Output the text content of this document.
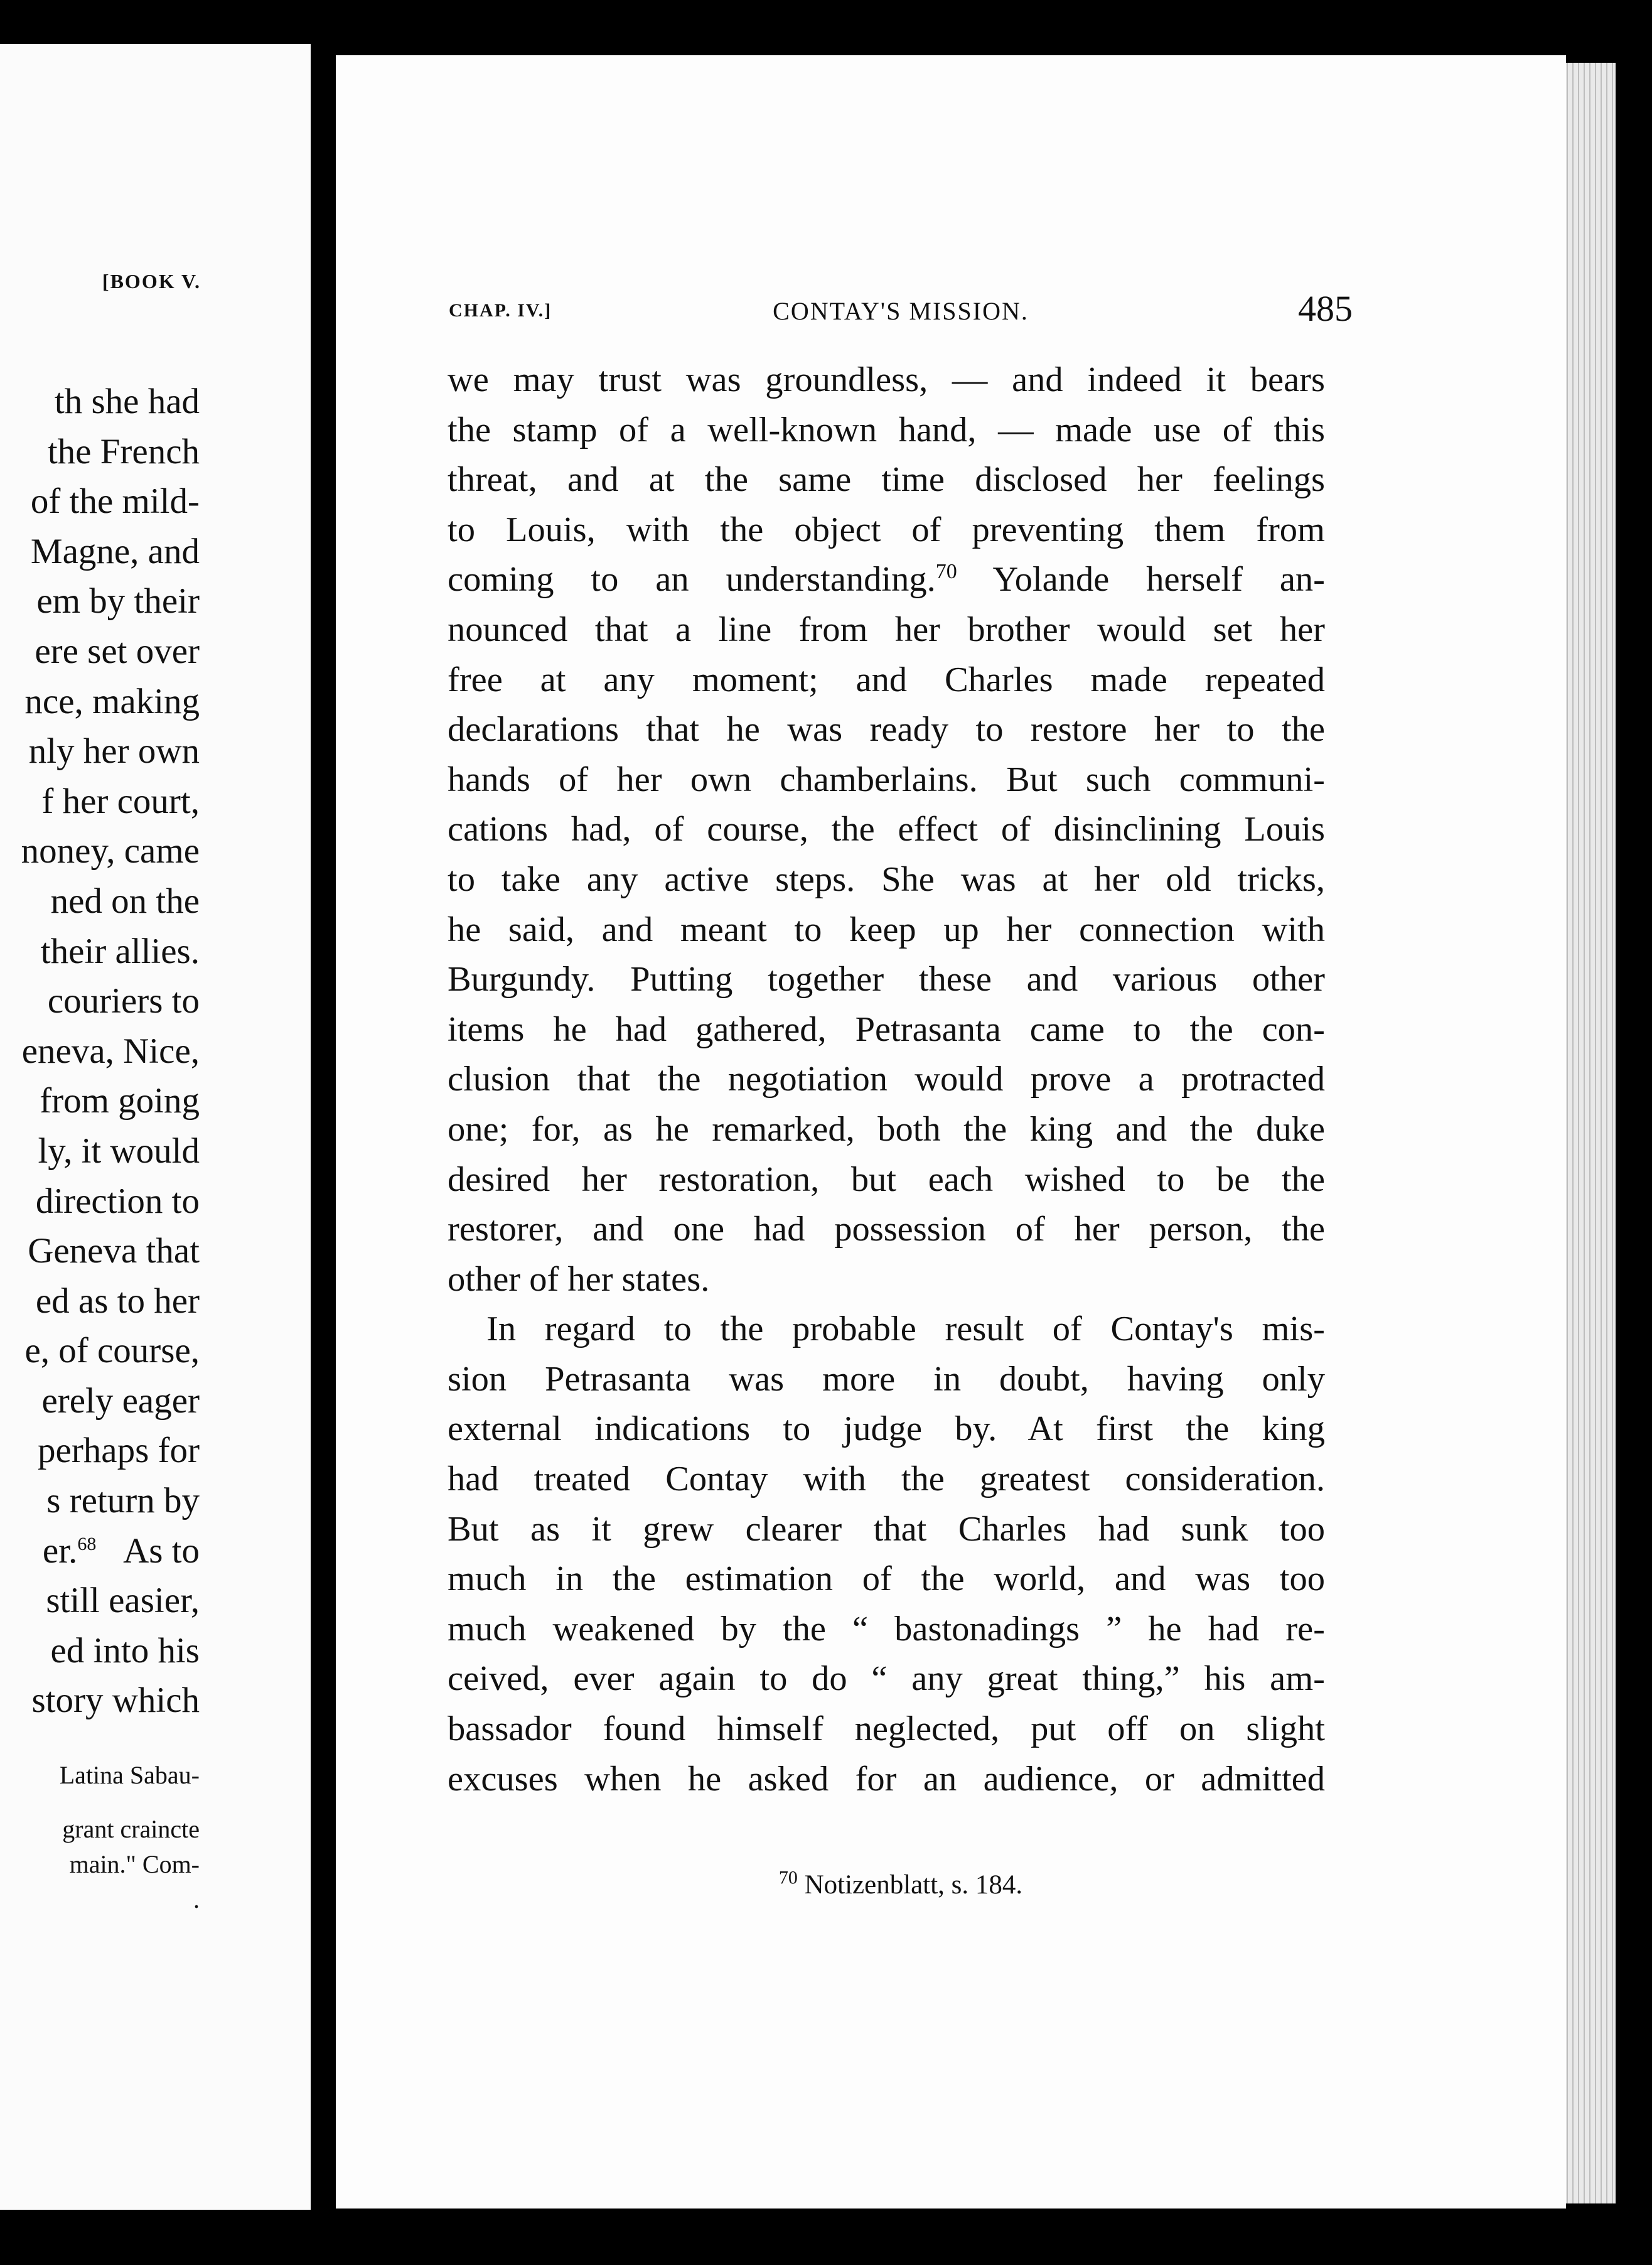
[BOOK V.

th she had
the French
of the mild-
Magne, and
em by their
ere set over
nce, making
nly her own
f her court,
noney, came
ned on the
their allies.
couriers to
eneva, Nice,
from going
ly, it would
direction to
Geneva that
ed as to her
e, of course,
erely eager
perhaps for
s return by
er.$^{68}$ As to
still easier,
ed into his
story which
Latina Sabau-
grant craincte
main." Com-
.

CHAP. IV.]	CONTAY'S MISSION.	485

we may trust was groundless, — and indeed it bears
the stamp of a well-known hand, — made use of this
threat, and at the same time disclosed her feelings
to Louis, with the object of preventing them from
coming to an understanding.$^{70}$ Yolande herself an-
nounced that a line from her brother would set her
free at any moment; and Charles made repeated
declarations that he was ready to restore her to the
hands of her own chamberlains. But such communi-
cations had, of course, the effect of disinclining Louis
to take any active steps. She was at her old tricks,
he said, and meant to keep up her connection with
Burgundy. Putting together these and various other
items he had gathered, Petrasanta came to the con-
clusion that the negotiation would prove a protracted
one; for, as he remarked, both the king and the duke
desired her restoration, but each wished to be the
restorer, and one had possession of her person, the
other of her states.
In regard to the probable result of Contay's mis-
sion Petrasanta was more in doubt, having only
external indications to judge by. At first the king
had treated Contay with the greatest consideration.
But as it grew clearer that Charles had sunk too
much in the estimation of the world, and was too
much weakened by the “ bastonadings ” he had re-
ceived, ever again to do “ any great thing,” his am-
bassador found himself neglected, put off on slight
excuses when he asked for an audience, or admitted

$^{70}$ Notizenblatt, s. 184.
